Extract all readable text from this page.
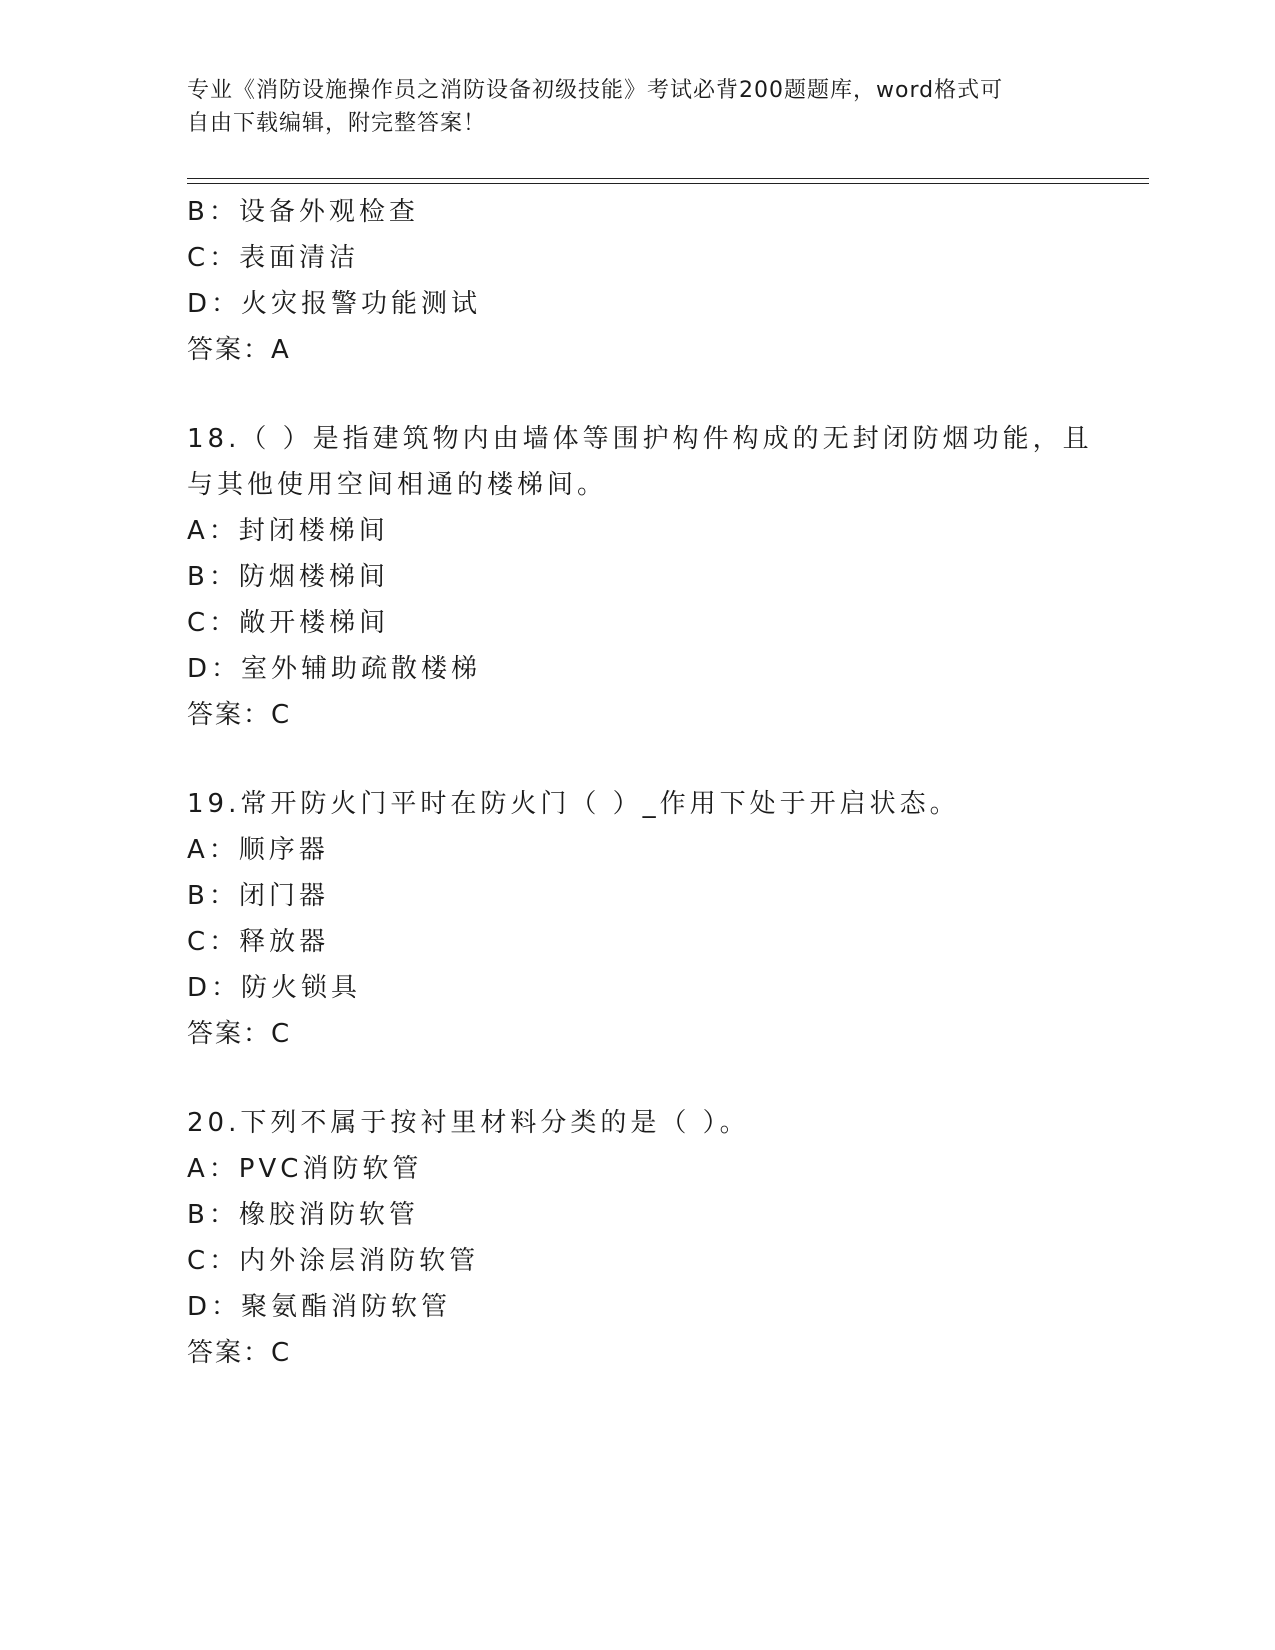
专业《消防设施操作员之消防设备初级技能》考试必背200题题库，word格式可
自由下载编辑，附完整答案！
B：设备外观检查
C：表面清洁
D：火灾报警功能测试
答案：A
18.（ ）是指建筑物内由墙体等围护构件构成的无封闭防烟功能，且
与其他使用空间相通的楼梯间。
A：封闭楼梯间
B：防烟楼梯间
C：敞开楼梯间
D：室外辅助疏散楼梯
答案：C
19.常开防火门平时在防火门（ ）_作用下处于开启状态。
A：顺序器
B：闭门器
C：释放器
D：防火锁具
答案：C
20.下列不属于按衬里材料分类的是（ ）。
A：PVC消防软管
B：橡胶消防软管
C：内外涂层消防软管
D：聚氨酯消防软管
答案：C
